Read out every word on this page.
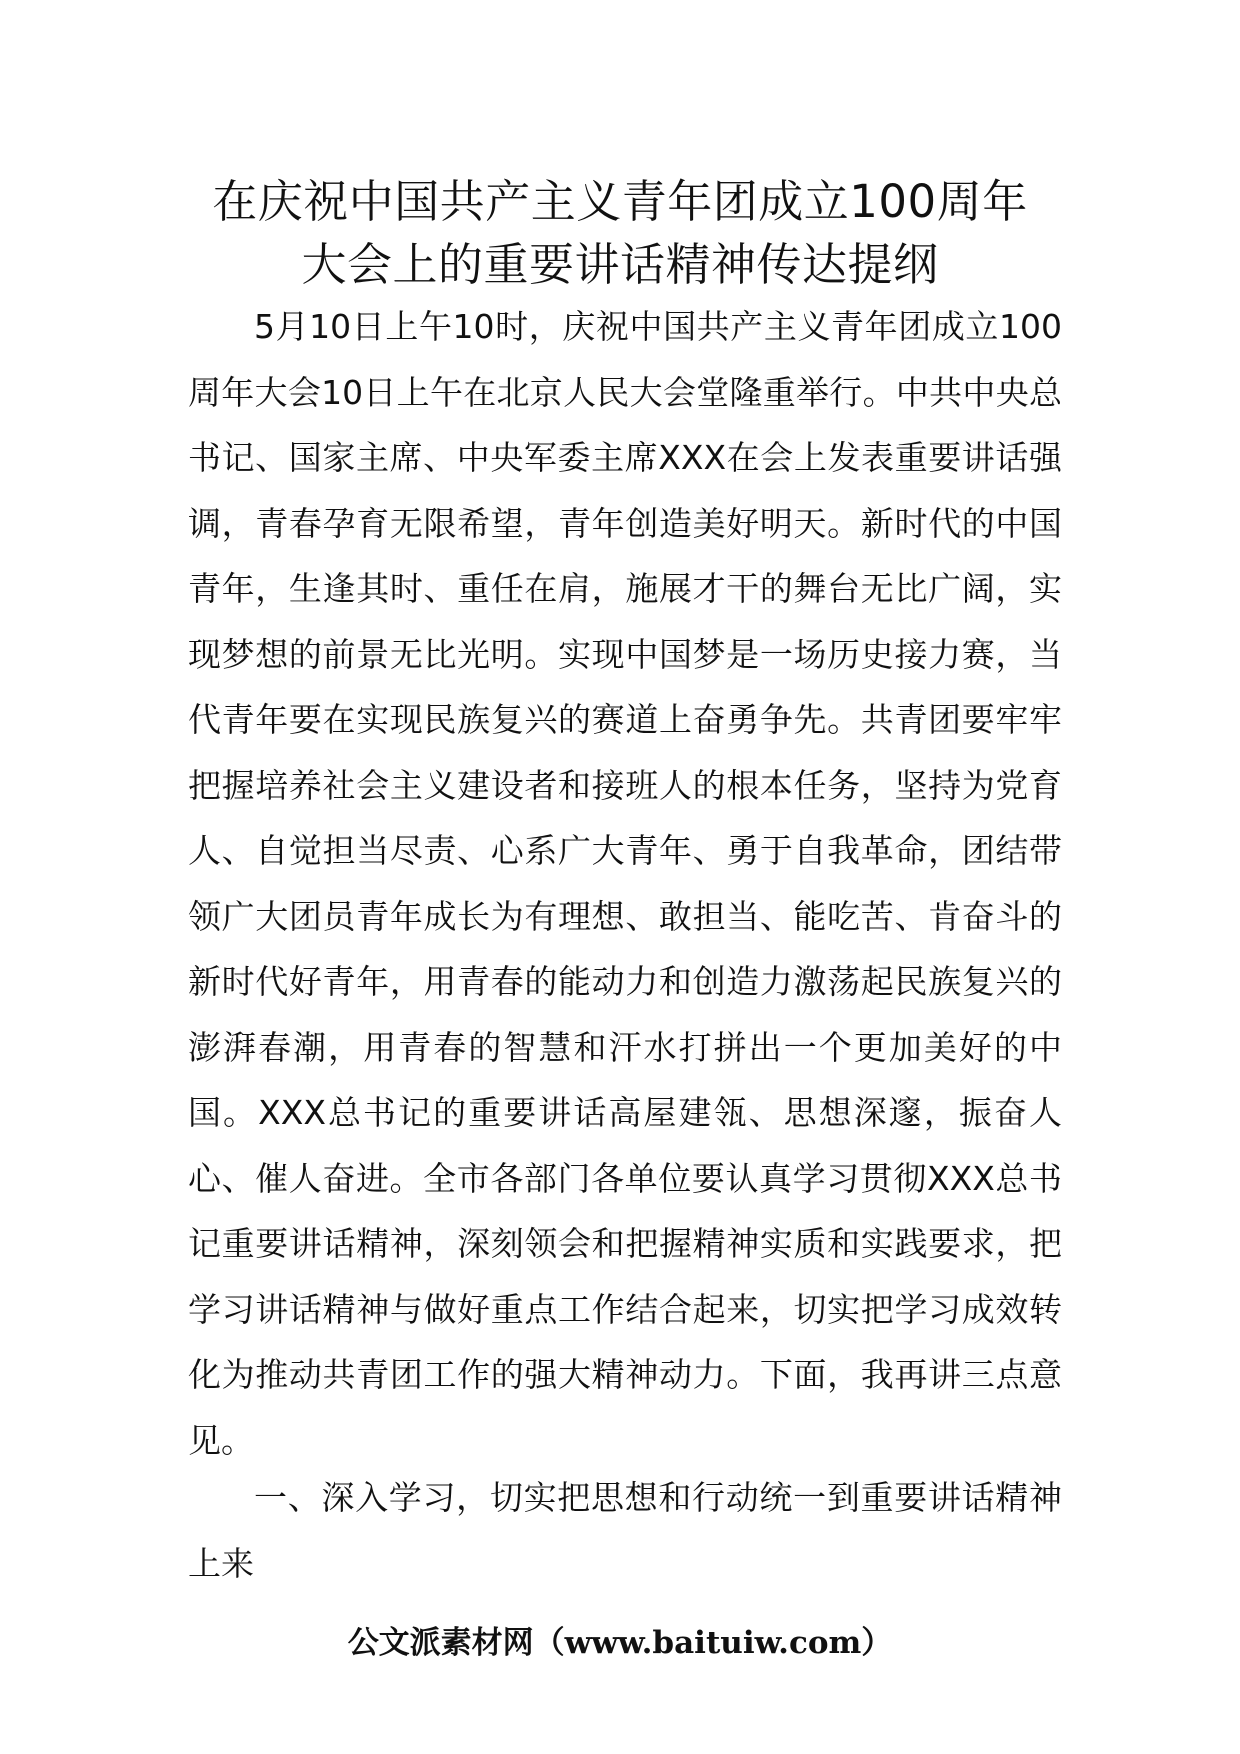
在庆祝中国共产主义青年团成立100周年
大会上的重要讲话精神传达提纲

5月10日上午10时，庆祝中国共产主义青年团成立100周年大会10日上午在北京人民大会堂隆重举行。中共中央总书记、国家主席、中央军委主席XXX在会上发表重要讲话强调，青春孕育无限希望，青年创造美好明天。新时代的中国青年，生逢其时、重任在肩，施展才干的舞台无比广阔，实现梦想的前景无比光明。实现中国梦是一场历史接力赛，当代青年要在实现民族复兴的赛道上奋勇争先。共青团要牢牢把握培养社会主义建设者和接班人的根本任务，坚持为党育人、自觉担当尽责、心系广大青年、勇于自我革命，团结带领广大团员青年成长为有理想、敢担当、能吃苦、肯奋斗的新时代好青年，用青春的能动力和创造力激荡起民族复兴的澎湃春潮，用青春的智慧和汗水打拼出一个更加美好的中国。XXX总书记的重要讲话高屋建瓴、思想深邃，振奋人心、催人奋进。全市各部门各单位要认真学习贯彻XXX总书记重要讲话精神，深刻领会和把握精神实质和实践要求，把学习讲话精神与做好重点工作结合起来，切实把学习成效转化为推动共青团工作的强大精神动力。下面，我再讲三点意见。

一、深入学习，切实把思想和行动统一到重要讲话精神上来

公文派素材网（www.baituiw.com）
